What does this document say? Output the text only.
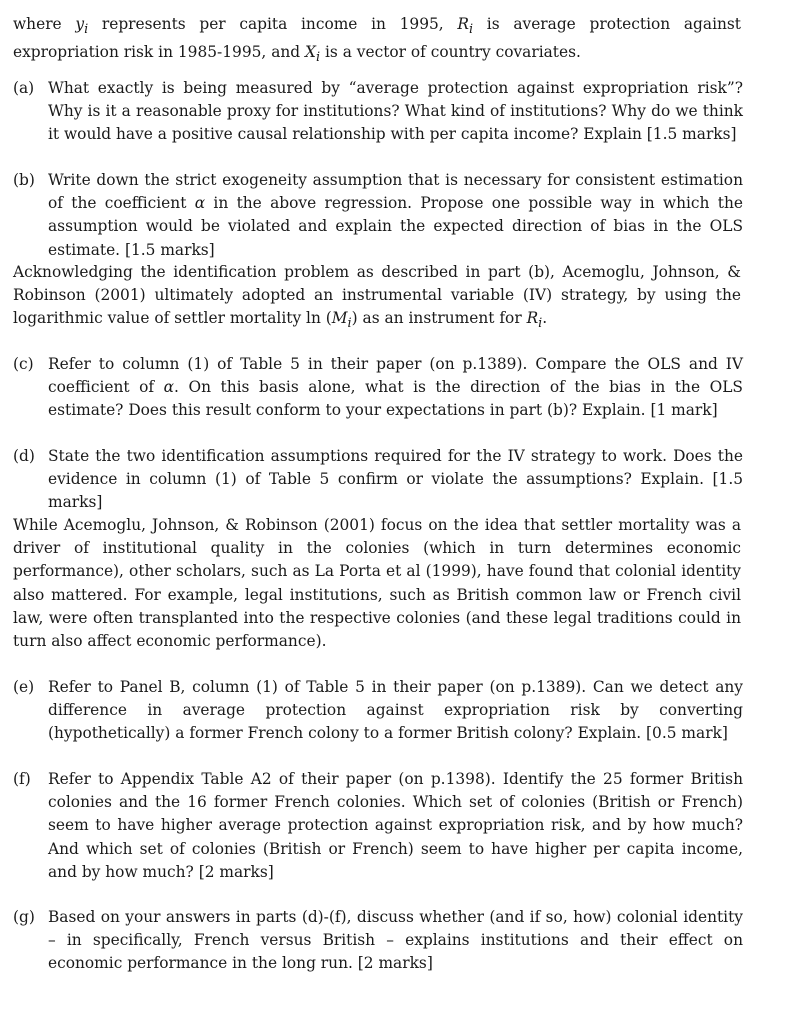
where $y_i$ represents per capita income in 1995, $R_i$ is average protection against expropriation risk in 1985-1995, and $X_i$ is a vector of country covariates.

(a) What exactly is being measured by “average protection against expropriation risk”? Why is it a reasonable proxy for institutions? What kind of institutions? Why do we think it would have a positive causal relationship with per capita income? Explain [1.5 marks]
(b) Write down the strict exogeneity assumption that is necessary for consistent estimation of the coefficient α in the above regression. Propose one possible way in which the assumption would be violated and explain the expected direction of bias in the OLS estimate. [1.5 marks]

Acknowledging the identification problem as described in part (b), Acemoglu, Johnson, & Robinson (2001) ultimately adopted an instrumental variable (IV) strategy, by using the logarithmic value of settler mortality $\ln (M_i)$ as an instrument for $R_i$.

(c) Refer to column (1) of Table 5 in their paper (on p.1389). Compare the OLS and IV coefficient of α. On this basis alone, what is the direction of the bias in the OLS estimate? Does this result conform to your expectations in part (b)? Explain. [1 mark]
(d) State the two identification assumptions required for the IV strategy to work. Does the evidence in column (1) of Table 5 confirm or violate the assumptions? Explain. [1.5 marks]

While Acemoglu, Johnson, & Robinson (2001) focus on the idea that settler mortality was a driver of institutional quality in the colonies (which in turn determines economic performance), other scholars, such as La Porta et al (1999), have found that colonial identity also mattered. For example, legal institutions, such as British common law or French civil law, were often transplanted into the respective colonies (and these legal traditions could in turn also affect economic performance).

(e) Refer to Panel B, column (1) of Table 5 in their paper (on p.1389). Can we detect any difference in average protection against expropriation risk by converting (hypothetically) a former French colony to a former British colony? Explain. [0.5 mark]
(f)	Refer to Appendix Table A2 of their paper (on p.1398). Identify the 25 former British colonies and the 16 former French colonies. Which set of colonies (British or French) seem to have higher average protection against expropriation risk, and by how much? And which set of colonies (British or French) seem to have higher per capita income, and by how much? [2 marks]
(g) Based on your answers in parts (d)-(f), discuss whether (and if so, how) colonial identity – in specifically, French versus British – explains institutions and their effect on economic performance in the long run. [2 marks]
